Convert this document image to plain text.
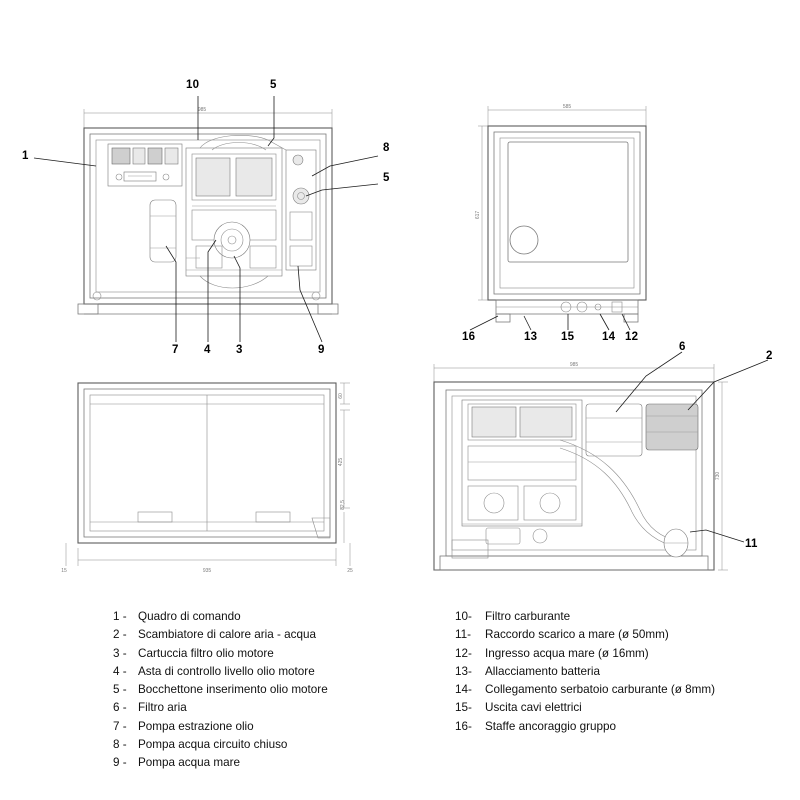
985	585
617
60
425
82,5
935
15	25
985
730
10	5
8
5
1
7 4 3	9
16	13 15 14 12
6
2
11
1 - Quadro di comando
2 - Scambiatore di calore aria - acqua
3 - Cartuccia filtro olio motore
4 - Asta di controllo livello olio motore
5 - Bocchettone inserimento olio motore
6 - Filtro aria
7 - Pompa estrazione olio
8 - Pompa acqua circuito chiuso
9 - Pompa acqua mare
10-	Filtro carburante
11-	Raccordo scarico a mare (ø 50mm)
12-	Ingresso acqua mare (ø 16mm)
13-	Allacciamento batteria
14-	Collegamento serbatoio carburante (ø 8mm)
15-	Uscita cavi elettrici
16-	Staffe ancoraggio gruppo
